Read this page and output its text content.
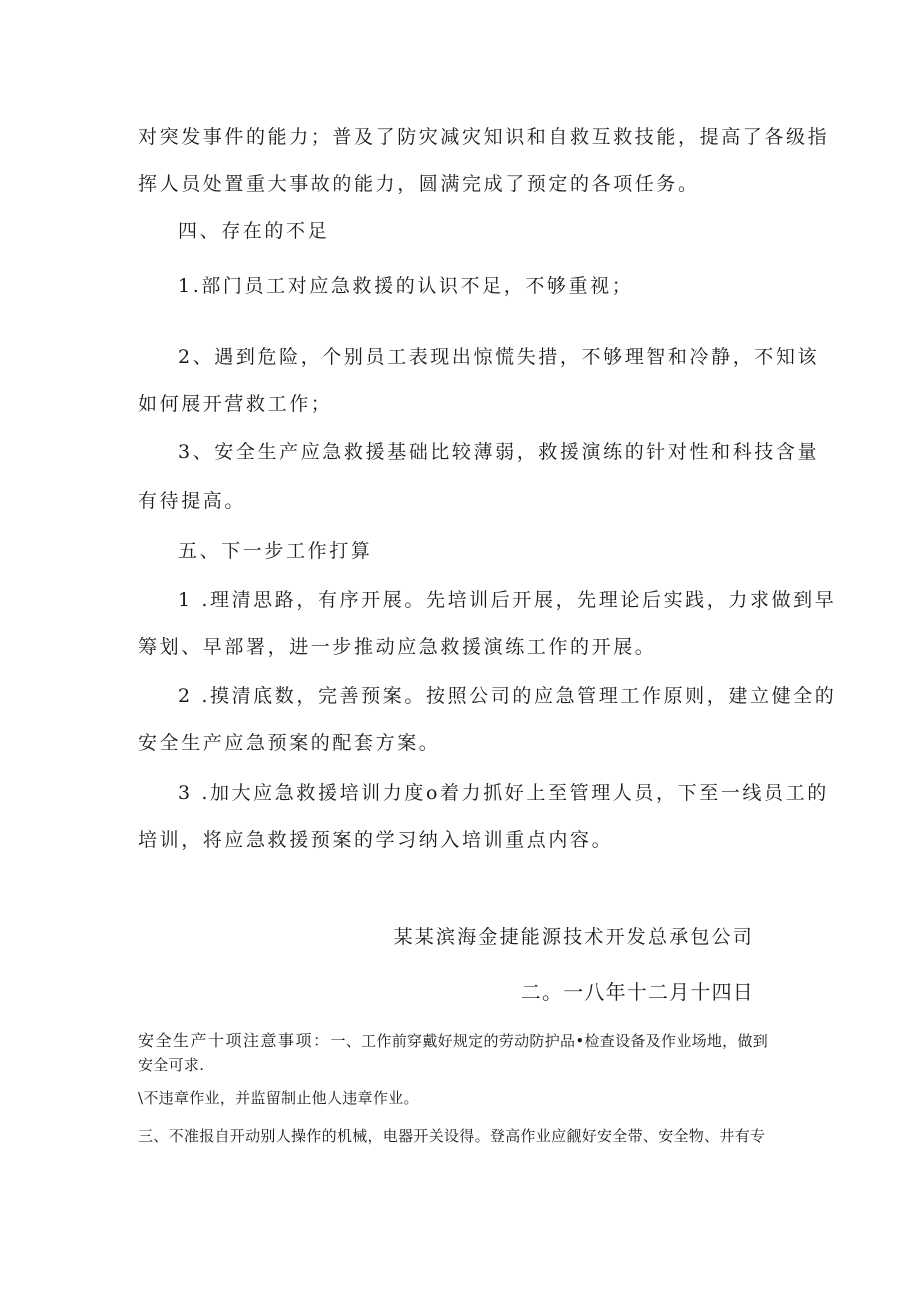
对突发事件的能力；普及了防灾减灾知识和自救互救技能，提高了各级指
挥人员处置重大事故的能力，圆满完成了预定的各项任务。
四、存在的不足
1.部门员工对应急救援的认识不足，不够重视；
2、遇到危险，个别员工表现出惊慌失措，不够理智和冷静，不知该
如何展开营救工作；
3、安全生产应急救援基础比较薄弱，救援演练的针对性和科技含量
有待提高。
五、下一步工作打算
1 .理清思路，有序开展。先培训后开展，先理论后实践，力求做到早
筹划、早部署，进一步推动应急救援演练工作的开展。
2 .摸清底数，完善预案。按照公司的应急管理工作原则，建立健全的
安全生产应急预案的配套方案。
3 .加大应急救援培训力度o着力抓好上至管理人员，下至一线员工的
培训，将应急救援预案的学习纳入培训重点内容。
某某滨海金捷能源技术开发总承包公司
二。一八年十二月十四日
安全生产十项注意事项：一、工作前穿戴好规定的劳动防护品•检查设备及作业场地，做到
安全可求.
\不违章作业，并监留制止他人违章作业。
三、不准报自开动别人操作的机械，电器开关设得。登高作业应觎好安全带、安全物、井有专
